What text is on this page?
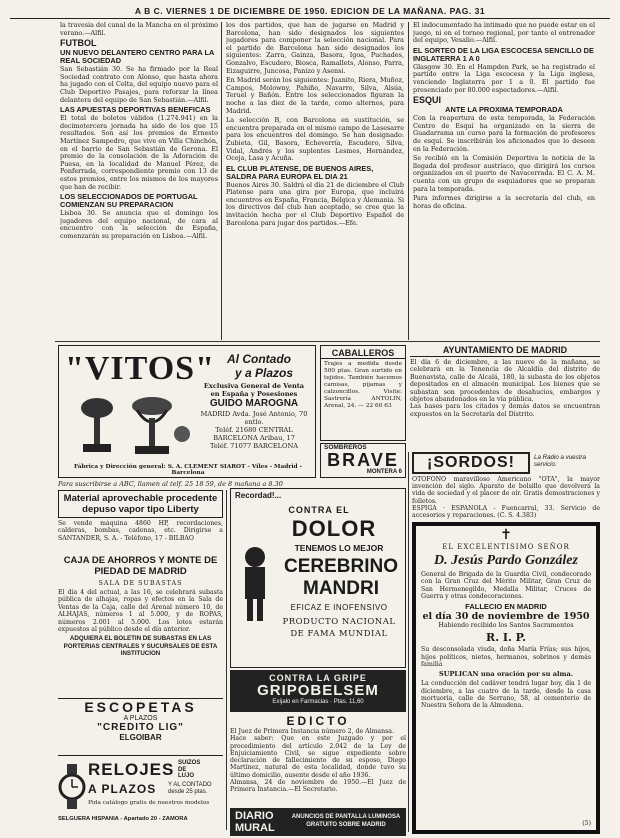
A B C. VIERNES 1 DE DICIEMBRE DE 1950. EDICION DE LA MAÑANA. PAG. 31

la travesía del canal de la Mancha en el próximo verano.—Alfil.

FUTBOL
UN NUEVO DELANTERO CENTRO PARA LA REAL SOCIEDAD

San Sebastián 30. Se ha firmado por la Real Sociedad contrato con Alonso, que hasta ahora ha jugado con el Celta, del equipo nuevo para el Club Deportivo Pasajes, para reforzar la línea delantera del equipo de San Sebastián.—Alfil.

LAS APUESTAS DEPORTIVAS BENEFICAS

El total de boletos válidos (1.274.941) en la decimotercera jornada ha sido de los que 15 resultados. Son así los premios de Ernesto Martínez Sampedro, que vive en Villa Chinchón, en el barrio de San Sebastián de Gerona. El premio de la consolación de la Adoración de Puesa, en la localidad de Manuel Pérez, de Ponferrada, correspondiente premio con 13 de estos premios, entre los mismos de los mayores que han de recibir.

LOS SELECCIONADOS DE PORTUGAL COMIENZAN SU PREPARACION

Lisboa 30. Se anuncia que el domingo los jugadores del equipo nacional, de cara al encuentro con la selección de España, comenzarán su preparación en Lisboa.—Alfil.

los dos partidos, que han de jugarse en Madrid y Barcelona, han sido designados los siguientes jugadores para componer la selección nacional. Para el partido de Barcelona han sido designados los siguientes: Zarra, Gainza, Basora, Igoa, Puchades, Gonzalvo, Escudero, Biosca, Ramallets, Alonso, Parra, Eizaguirre, Juncosa, Panizo y Asensi.

En Madrid serán los siguientes: Juanito, Riera, Muñoz, Campos, Molowny, Pahiño, Navarro, Silva, Alsúa, Teruel y Bañón. Entre los seleccionados figuran la noche a las diez de la tarde, como alternos, para Madrid.

La selección B, con Barcelona en sustitución, se encuentra preparada en el mismo campo de Lasesarre para los encuentros del domingo. Se han designado: Zubieta, Gil, Basora, Echeverría, Escudero, Silva, Vidal, Andrés y los suplentes Lesmes, Hernández, Oceja, Lasa y Acuña.

EL CLUB PLATENSE, DE BUENOS AIRES, SALDRA PARA EUROPA EL DIA 21

Buenos Aires 30. Saldrá el día 21 de diciembre el Club Platense para una gira por Europa, que incluirá encuentros en España, Francia, Bélgica y Alemania. Si los directivos del club han aceptado, se cree que la invitación hecha por el Club Deportivo Español de Barcelona para jugar dos partidos.—Efe.

El indocumentado ha intimado que no puede estar en el juego, ni en el torneo regional, por tanto el entrenador del equipo, Vesalio.—Alfil.

EL SORTEO DE LA LIGA ESCOCESA SENCILLO DE INGLATERRA 1 A 0

Glasgow 30. En el Hampden Park, se ha registrado el partido entre la Liga escocesa y la Liga inglesa, venciendo Inglaterra por 1 a 0. El partido fue presenciado por 80.000 espectadores.—Alfil.

ESQUI
ANTE LA PROXIMA TEMPORADA

Con la reapertura de esta temporada, la Federación Centro de Esquí ha organizado en la sierra de Guadarrama un curso para la formación de profesores de esquí. Se inscribirán los aficionados que lo deseen en la Federación.

Se recibió en la Comisión Deportiva la noticia de la llegada del profesor austríaco, que dirigirá los cursos organizados en el puerto de Navacerrada. El C. A. M. cuenta con un grupo de esquiadores que se preparan para la temporada.

Para informes dirigirse a la secretaría del club, en horas de oficina.

"VITOS" Al Contado
y a Plazos
Exclusiva General de Venta
en España y Posesiones
GUIDO MAROGNA
MADRID Avda. José Antonio, 70 entlo.
Teléf. 21680 CENTRAL
BARCELONA Aribau, 17
Teléf. 71077 BARCELONA
Fábrica y Dirección general: S. A. CLEMENT SIAROT - Viles - Madrid - Barcelona
CABALLEROS
Trajes a medida desde 500 ptas. Gran surtido en tejidos. También hacemos camisas, pijamas y calzoncillos. Visite: Sastrería ANTOLIN, Arenal, 24. — 22 60 63
SOMBREROS
BRAVE
MONTERA 6
AYUNTAMIENTO DE MADRID
El día 6 de diciembre, a las nueve de la mañana, se celebrará en la Tenencia de Alcaldía del distrito de Buenavista, calle de Alcalá, 180, la subasta de los objetos depositados en el almacén municipal. Los bienes que se subastan son procedentes de desahucios, embargos y objetos abandonados en la vía pública.
Las bases para los citados y demás datos se encuentran expuestos en la Secretaría del Distrito.
Para suscribirse a ABC, llamen al telf. 25 18 59, de 8 mañana a 8.30
Material aprovechable procedente depuso vapor tipo Liberty
Se vende máquina 4860 HP, recordaciones, calderas, bombas, cadenas, etc. Dirigirse a SANTANDER, S. A. - Teléfono, 17 - BILBAO
CAJA DE AHORROS Y MONTE DE PIEDAD DE MADRID
SALA DE SUBASTAS
El día 4 del actual, a las 16, se celebrará subasta pública de alhajas, ropas y efectos en la Sala de Ventas de la Caja, calle del Arenal número 10, de ALHAJAS, números 1 al 5.000, y de ROPAS, números 2.001 al 5.000. Los lotes estarán expuestos al público desde el día anterior.
ADQUIERA EL BOLETIN DE SUBASTAS EN LAS PORTERIAS CENTRALES Y SUCURSALES DE ESTA INSTITUCION
ESCOPETAS
A PLAZOS
"CREDITO LIG"
ELGOIBAR
RELOJES SUIZOS
DE
LUJO
A PLAZOS Y AL CONTADO
desde 25 ptas.
Pida catálogo gratis de nuestros modelos
SELGUERA HISPANIA - Apartado 20 - ZAMORA
Recordad!...
CONTRA EL
DOLOR
TENEMOS LO MEJOR
CEREBRINO
MANDRI
EFICAZ E INOFENSIVO
PRODUCTO NACIONAL
DE FAMA MUNDIAL
CONTRA LA GRIPE
GRIPOBELSEM
Exíjalo en Farmacias · Ptas. 11,60
EDICTO
El Juez de Primera Instancia número 2, de Almansa.
Hace saber: Que en este Juzgado y por el procedimiento del artículo 2.042 de la Ley de Enjuiciamiento Civil, se sigue expediente sobre declaración de fallecimiento de su esposo, Diego Martínez, natural de esta localidad, donde tuvo su último domicilio, ausente desde el año 1936.
Almansa, 24 de noviembre de 1950.—El Juez de Primera Instancia.—El Secretario.
DIARIO
MURAL
ANUNCIOS DE PANTALLA LUMINOSA
GRATUITO SOBRE MADRID
¡SORDOS!	La Radio a vuestra servicio.
OTOFONO maravilloso Americano "OTA", la mayor invención del siglo. Aparato de bolsillo que devolverá la vida de sociedad y el placer de oír. Gratis demostraciones y folletos.
ESPIGA · ESPANOLA - Fuencarral, 33. Servicio de accesorios y reparaciones. (C. S. 4.383)
✝
EL EXCELENTISIMO SEÑOR
D. Jesús Pardo González
General de Brigada de la Guardia Civil, condecorado con la Gran Cruz del Mérito Militar, Gran Cruz de San Hermenegildo, Medalla Militar, Cruces de Guerra y otras condecoraciones.
FALLECIO EN MADRID
el día 30 de noviembre de 1950
Habiendo recibido los Santos Sacramentos
R. I. P.
Su desconsolada viuda, doña María Frías; sus hijos, hijos políticos, nietos, hermanos, sobrinos y demás familia
SUPLICAN una oración por su alma.
La conducción del cadáver tendrá lugar hoy, día 1 de diciembre, a las cuatro de la tarde, desde la casa mortuoria, calle de Serrano, 58, al cementerio de Nuestra Señora de la Almudena.
(5)
